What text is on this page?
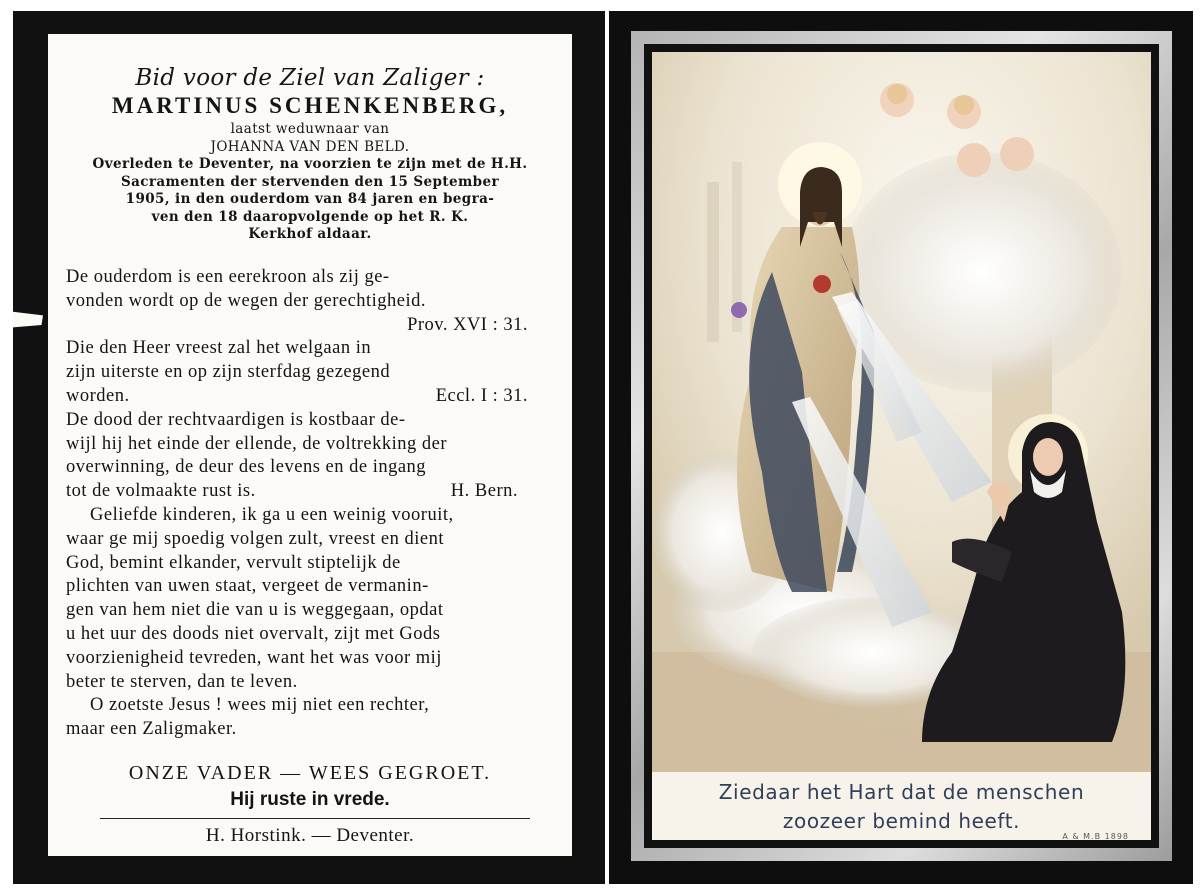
Bid voor de Ziel van Zaliger :

MARTINUS SCHENKENBERG,

laatst weduwnaar van

JOHANNA VAN DEN BELD.

Overleden te Deventer, na voorzien te zijn met de H.H.

Sacramenten der stervenden den 15 September

1905, in den ouderdom van 84 jaren en begra-

ven den 18 daaropvolgende op het R. K.

Kerkhof aldaar.

De ouderdom is een eerekroon als zij ge-

vonden wordt op de wegen der gerechtigheid.

Prov. XVI : 31.

Die den Heer vreest zal het welgaan in

zijn uiterste en op zijn sterfdag gezegend

worden.	Eccl. I : 31.

De dood der rechtvaardigen is kostbaar de-

wijl hij het einde der ellende, de voltrekking der

overwinning, de deur des levens en de ingang

tot de volmaakte rust is.	H. Bern.

Geliefde kinderen, ik ga u een weinig vooruit,

waar ge mij spoedig volgen zult, vreest en dient

God, bemint elkander, vervult stiptelijk de

plichten van uwen staat, vergeet de vermanin-

gen van hem niet die van u is weggegaan, opdat

u het uur des doods niet overvalt, zijt met Gods

voorzienigheid tevreden, want het was voor mij

beter te sterven, dan te leven.

O zoetste Jesus ! wees mij niet een rechter,

maar een Zaligmaker.

ONZE VADER — WEES GEGROET.
Hij ruste in vrede.
H. Horstink. — Deventer.
Ziedaar het Hart dat de menschen
zoozeer bemind heeft.
A & M.B 1898
